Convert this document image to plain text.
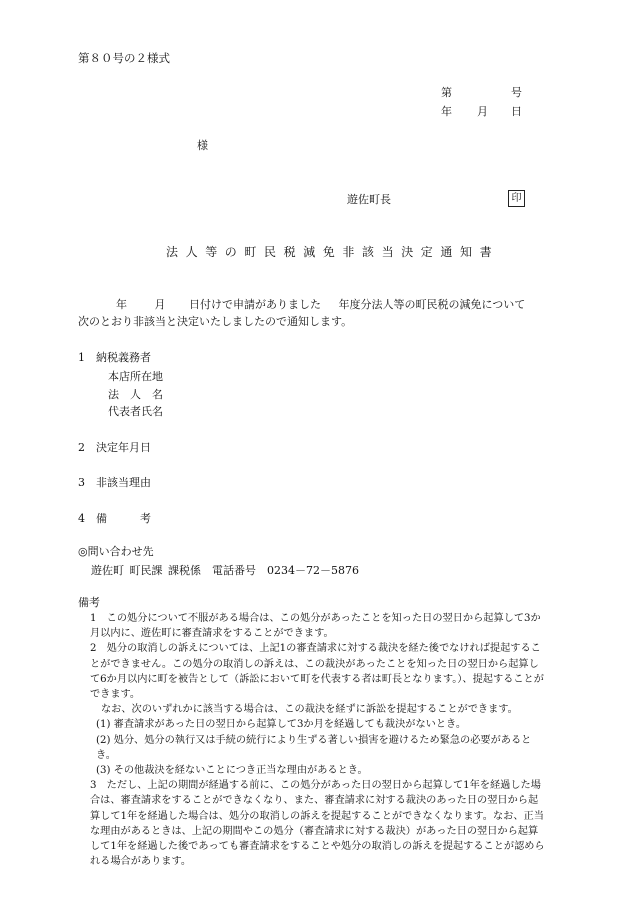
第８０号の２様式
第	号
年 月 日
様
遊佐町長	印
法人等の町民税減免非該当決定通知書
年	月 日付けで申請がありました 年度分法人等の町民税の減免について
次のとおり非該当と決定いたしましたので通知します。
1 納税義務者
本店所在地
法　人　名
代表者氏名
2 決定年月日
3 非該当理由
4 備　　　考
◎問い合わせ先
遊佐町 町民課 課税係　電話番号　0234－72－5876
備考
1　この処分について不服がある場合は、この処分があったことを知った日の翌日から起算して3か月以内に、遊佐町に審査請求をすることができます。
2　処分の取消しの訴えについては、上記1の審査請求に対する裁決を経た後でなければ提起することができません。この処分の取消しの訴えは、この裁決があったことを知った日の翌日から起算して6か月以内に町を被告として（訴訟において町を代表する者は町長となります。）、提起することができます。
なお、次のいずれかに該当する場合は、この裁決を経ずに訴訟を提起することができます。
(1) 審査請求があった日の翌日から起算して3か月を経過しても裁決がないとき。
(2) 処分、処分の執行又は手続の続行により生ずる著しい損害を避けるため緊急の必要があるとき。
(3) その他裁決を経ないことにつき正当な理由があるとき。
3　ただし、上記の期間が経過する前に、この処分があった日の翌日から起算して1年を経過した場合は、審査請求をすることができなくなり、また、審査請求に対する裁決のあった日の翌日から起算して1年を経過した場合は、処分の取消しの訴えを提起することができなくなります。なお、正当な理由があるときは、上記の期間やこの処分（審査請求に対する裁決）があった日の翌日から起算して1年を経過した後であっても審査請求をすることや処分の取消しの訴えを提起することが認められる場合があります。
